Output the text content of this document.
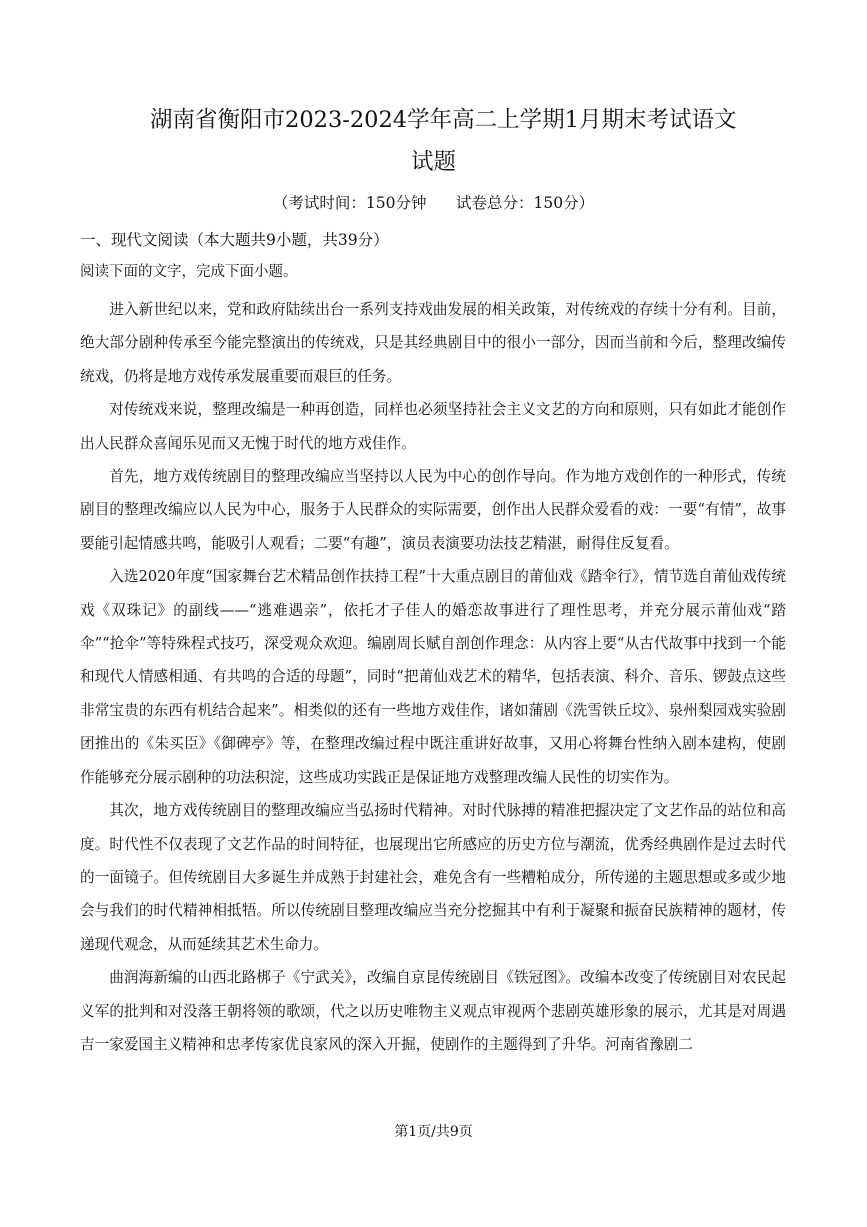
湖南省衡阳市2023-2024学年高二上学期1月期末考试语文
试题
（考试时间：150分钟      试卷总分：150分）
一、现代文阅读（本大题共9小题，共39分）
阅读下面的文字，完成下面小题。

进入新世纪以来，党和政府陆续出台一系列支持戏曲发展的相关政策，对传统戏的存续十分有利。目前，绝大部分剧种传承至今能完整演出的传统戏，只是其经典剧目中的很小一部分，因而当前和今后，整理改编传统戏，仍将是地方戏传承发展重要而艰巨的任务。

对传统戏来说，整理改编是一种再创造，同样也必须坚持社会主义文艺的方向和原则，只有如此才能创作出人民群众喜闻乐见而又无愧于时代的地方戏佳作。

首先，地方戏传统剧目的整理改编应当坚持以人民为中心的创作导向。作为地方戏创作的一种形式，传统剧目的整理改编应以人民为中心，服务于人民群众的实际需要，创作出人民群众爱看的戏：一要“有情”，故事要能引起情感共鸣，能吸引人观看；二要“有趣”，演员表演要功法技艺精湛，耐得住反复看。

入选2020年度“国家舞台艺术精品创作扶持工程”十大重点剧目的莆仙戏《踏伞行》，情节选自莆仙戏传统戏《双珠记》的副线——“逃难遇亲”，依托才子佳人的婚恋故事进行了理性思考，并充分展示莆仙戏“踏伞”“抢伞”等特殊程式技巧，深受观众欢迎。编剧周长赋自剖创作理念：从内容上要“从古代故事中找到一个能和现代人情感相通、有共鸣的合适的母题”，同时“把莆仙戏艺术的精华，包括表演、科介、音乐、锣鼓点这些非常宝贵的东西有机结合起来”。相类似的还有一些地方戏佳作，诸如蒲剧《洗雪铁丘坟》、泉州梨园戏实验剧团推出的《朱买臣》《御碑亭》等，在整理改编过程中既注重讲好故事，又用心将舞台性纳入剧本建构，使剧作能够充分展示剧种的功法积淀，这些成功实践正是保证地方戏整理改编人民性的切实作为。

其次，地方戏传统剧目的整理改编应当弘扬时代精神。对时代脉搏的精准把握决定了文艺作品的站位和高度。时代性不仅表现了文艺作品的时间特征，也展现出它所感应的历史方位与潮流，优秀经典剧作是过去时代的一面镜子。但传统剧目大多诞生并成熟于封建社会，难免含有一些糟粕成分，所传递的主题思想或多或少地会与我们的时代精神相抵牾。所以传统剧目整理改编应当充分挖掘其中有利于凝聚和振奋民族精神的题材，传递现代观念，从而延续其艺术生命力。

曲润海新编的山西北路梆子《宁武关》，改编自京昆传统剧目《铁冠图》。改编本改变了传统剧目对农民起义军的批判和对没落王朝将领的歌颂，代之以历史唯物主义观点审视两个悲剧英雄形象的展示，尤其是对周遇吉一家爱国主义精神和忠孝传家优良家风的深入开掘，使剧作的主题得到了升华。河南省豫剧二

第1页/共9页
